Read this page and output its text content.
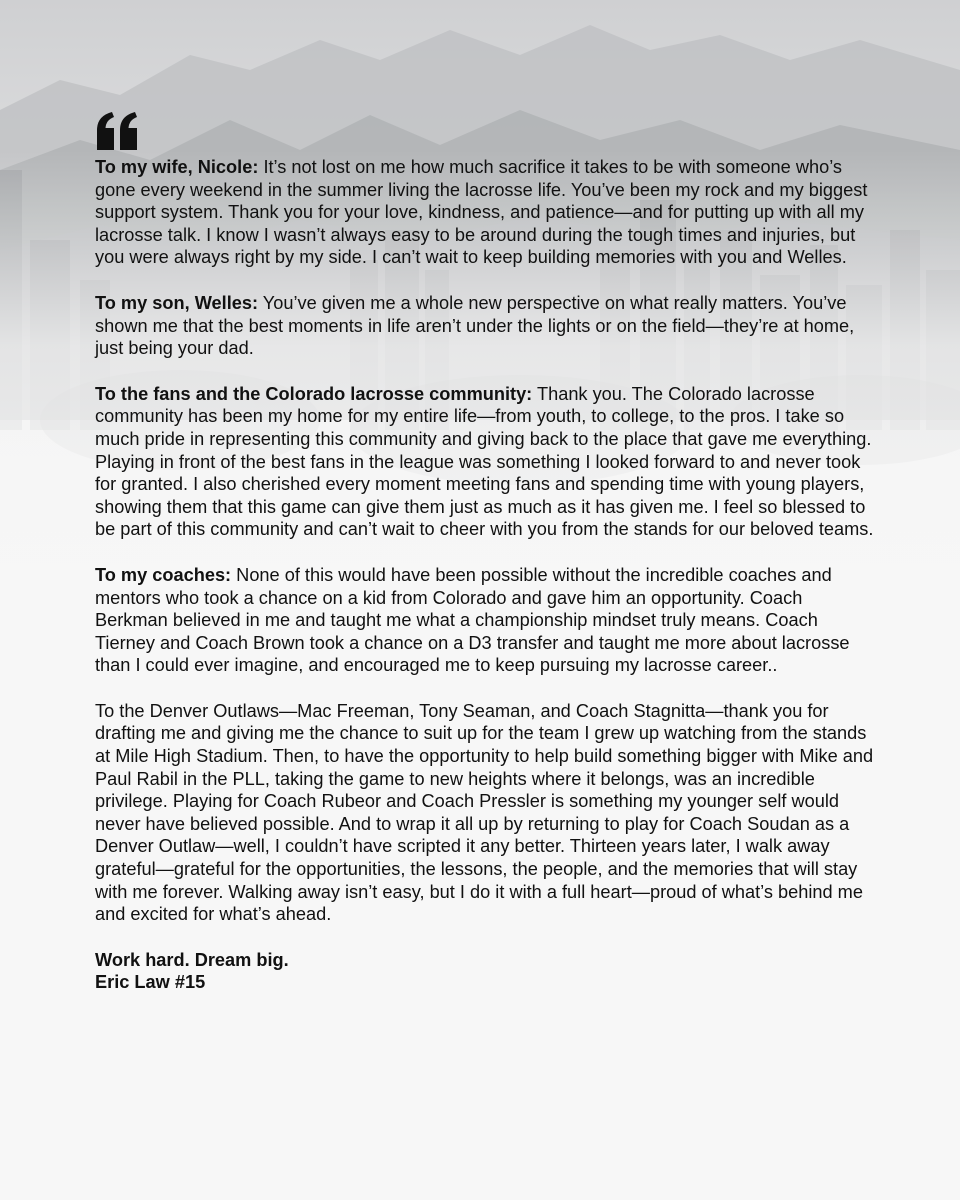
To my wife, Nicole: It’s not lost on me how much sacrifice it takes to be with someone who’s gone every weekend in the summer living the lacrosse life. You’ve been my rock and my biggest support system. Thank you for your love, kindness, and patience—and for putting up with all my lacrosse talk. I know I wasn’t always easy to be around during the tough times and injuries, but you were always right by my side. I can’t wait to keep building memories with you and Welles.

To my son, Welles: You’ve given me a whole new perspective on what really matters. You’ve shown me that the best moments in life aren’t under the lights or on the field—they’re at home, just being your dad.

To the fans and the Colorado lacrosse community: Thank you. The Colorado lacrosse community has been my home for my entire life—from youth, to college, to the pros. I take so much pride in representing this community and giving back to the place that gave me everything. Playing in front of the best fans in the league was something I looked forward to and never took for granted. I also cherished every moment meeting fans and spending time with young players, showing them that this game can give them just as much as it has given me. I feel so blessed to be part of this community and can’t wait to cheer with you from the stands for our beloved teams.

To my coaches: None of this would have been possible without the incredible coaches and mentors who took a chance on a kid from Colorado and gave him an opportunity. Coach Berkman believed in me and taught me what a championship mindset truly means. Coach Tierney and Coach Brown took a chance on a D3 transfer and taught me more about lacrosse than I could ever imagine, and encouraged me to keep pursuing my lacrosse career..

To the Denver Outlaws—Mac Freeman, Tony Seaman, and Coach Stagnitta—thank you for drafting me and giving me the chance to suit up for the team I grew up watching from the stands at Mile High Stadium. Then, to have the opportunity to help build something bigger with Mike and Paul Rabil in the PLL, taking the game to new heights where it belongs, was an incredible privilege. Playing for Coach Rubeor and Coach Pressler is something my younger self would never have believed possible. And to wrap it all up by returning to play for Coach Soudan as a Denver Outlaw—well, I couldn’t have scripted it any better. Thirteen years later, I walk away grateful—grateful for the opportunities, the lessons, the people, and the memories that will stay with me forever. Walking away isn’t easy, but I do it with a full heart—proud of what’s behind me and excited for what’s ahead.

Work hard. Dream big.

Eric Law #15
